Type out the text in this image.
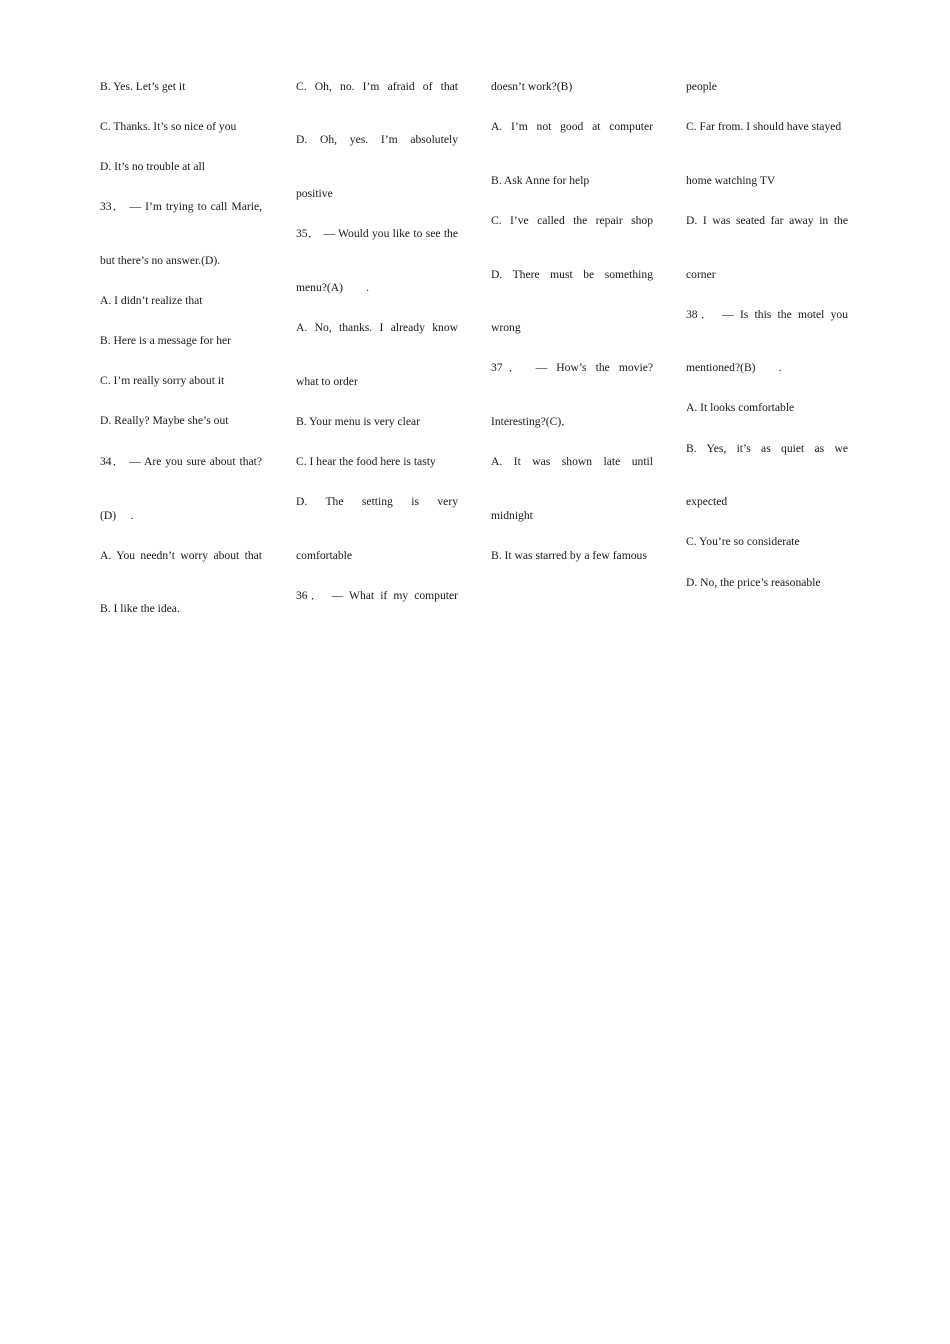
B. Yes. Let’s get it
C. Thanks. It’s so nice of you
D. It’s no trouble at all
33． — I’m trying to call Marie,
but there’s no answer.(D).
A. I didn’t realize that
B. Here is a message for her
C. I’m really sorry about it
D. Really? Maybe she’s out
34． — Are you sure about that?
(D)　 .
A. You needn’t worry about that
B. I like the idea.
C. Oh, no. I’m afraid of that
D. Oh, yes. I’m absolutely
positive
35． — Would you like to see the
menu?(A)　　.
A. No, thanks. I already know
what to order
B. Your menu is very clear
C. I hear the food here is tasty
D. The setting is very
comfortable
36． — What if my computer
doesn’t work?(B)
A. I’m not good at computer
B. Ask Anne for help
C. I’ve called the repair shop
D. There must be something
wrong
37． — How’s the movie?
Interesting?(C)．
A. It was shown late until
midnight
B. It was starred by a few famous
people
C. Far from. I should have stayed
home watching TV
D. I was seated far away in the
corner
38． — Is this the motel you
mentioned?(B)　　.
A. It looks comfortable
B. Yes, it’s as quiet as we
expected
C. You’re so considerate
D. No, the price’s reasonable
